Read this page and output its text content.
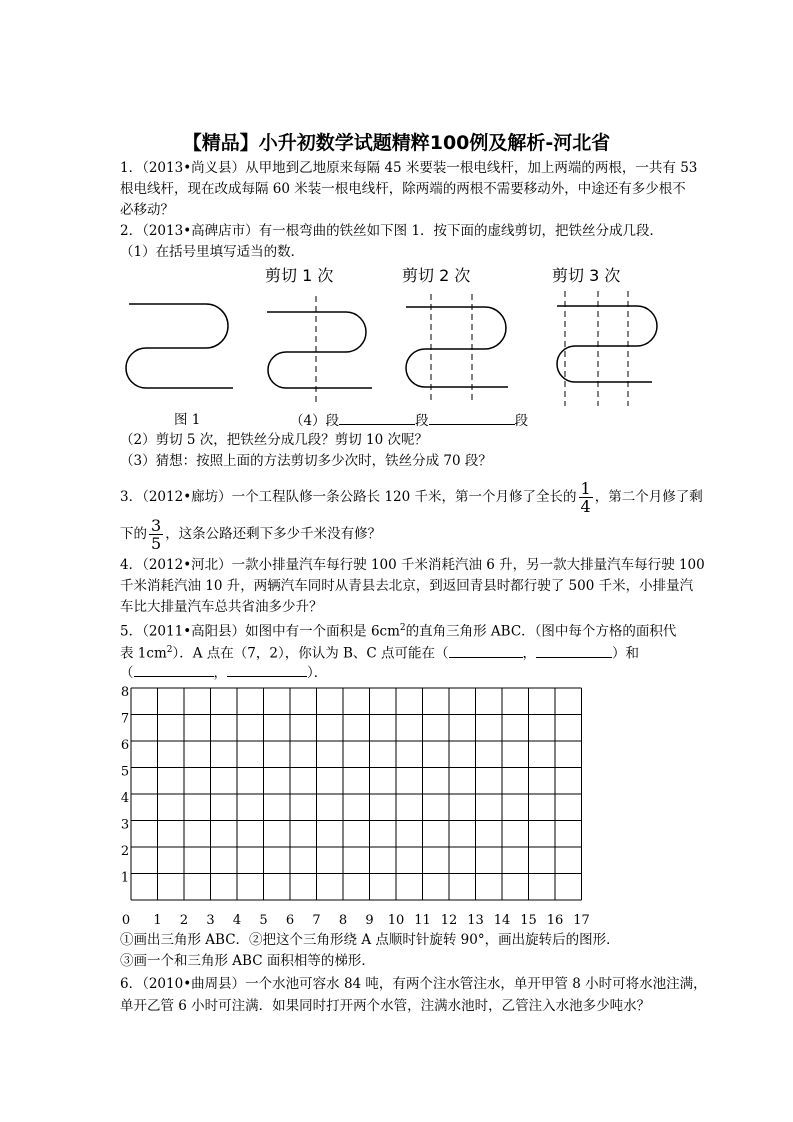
【精品】小升初数学试题精粹100例及解析-河北省
1．（2013•尚义县）从甲地到乙地原来每隔 45 米要装一根电线杆，加上两端的两根，一共有 53
根电线杆，现在改成每隔 60 米装一根电线杆，除两端的两根不需要移动外，中途还有多少根不
必移动？
2．（2013•高碑店市）有一根弯曲的铁丝如下图 1．按下面的虚线剪切，把铁丝分成几段．
（1）在括号里填写适当的数．
剪切 1 次	剪切 2 次	剪切 3 次
图 1	（4）段	段	段
（2）剪切 5 次，把铁丝分成几段？剪切 10 次呢？
（3）猜想：按照上面的方法剪切多少次时，铁丝分成 70 段？
3．（2012•廊坊）一个工程队修一条公路长 120 千米，第一个月修了全长的 $\frac{1}{4}$ ，第二个月修了剩
下的 $\frac{3}{5}$ ，这条公路还剩下多少千米没有修？
4．（2012•河北）一款小排量汽车每行驶 100 千米消耗汽油 6 升，另一款大排量汽车每行驶 100
千米消耗汽油 10 升，两辆汽车同时从青县去北京，到返回青县时都行驶了 500 千米，小排量汽
车比大排量汽车总共省油多少升？
5．（2011•高阳县）如图中有一个面积是 $6cm^2$的直角三角形 ABC．（图中每个方格的面积代
表 $1cm^2$）．A 点在（7，2），你认为 B、C 点可能在（	，	）和
（	，	）．
0 1 2 3 4 5 6 7 8 9 10 11 12 13 14 15 16 17
1
2
3
4
5
6
7
8
①画出三角形 ABC．②把这个三角形绕 A 点顺时针旋转 90°，画出旋转后的图形．
③画一个和三角形 ABC 面积相等的梯形．
6．（2010•曲周县）一个水池可容水 84 吨，有两个注水管注水，单开甲管 8 小时可将水池注满，
单开乙管 6 小时可注满．如果同时打开两个水管，注满水池时，乙管注入水池多少吨水？
